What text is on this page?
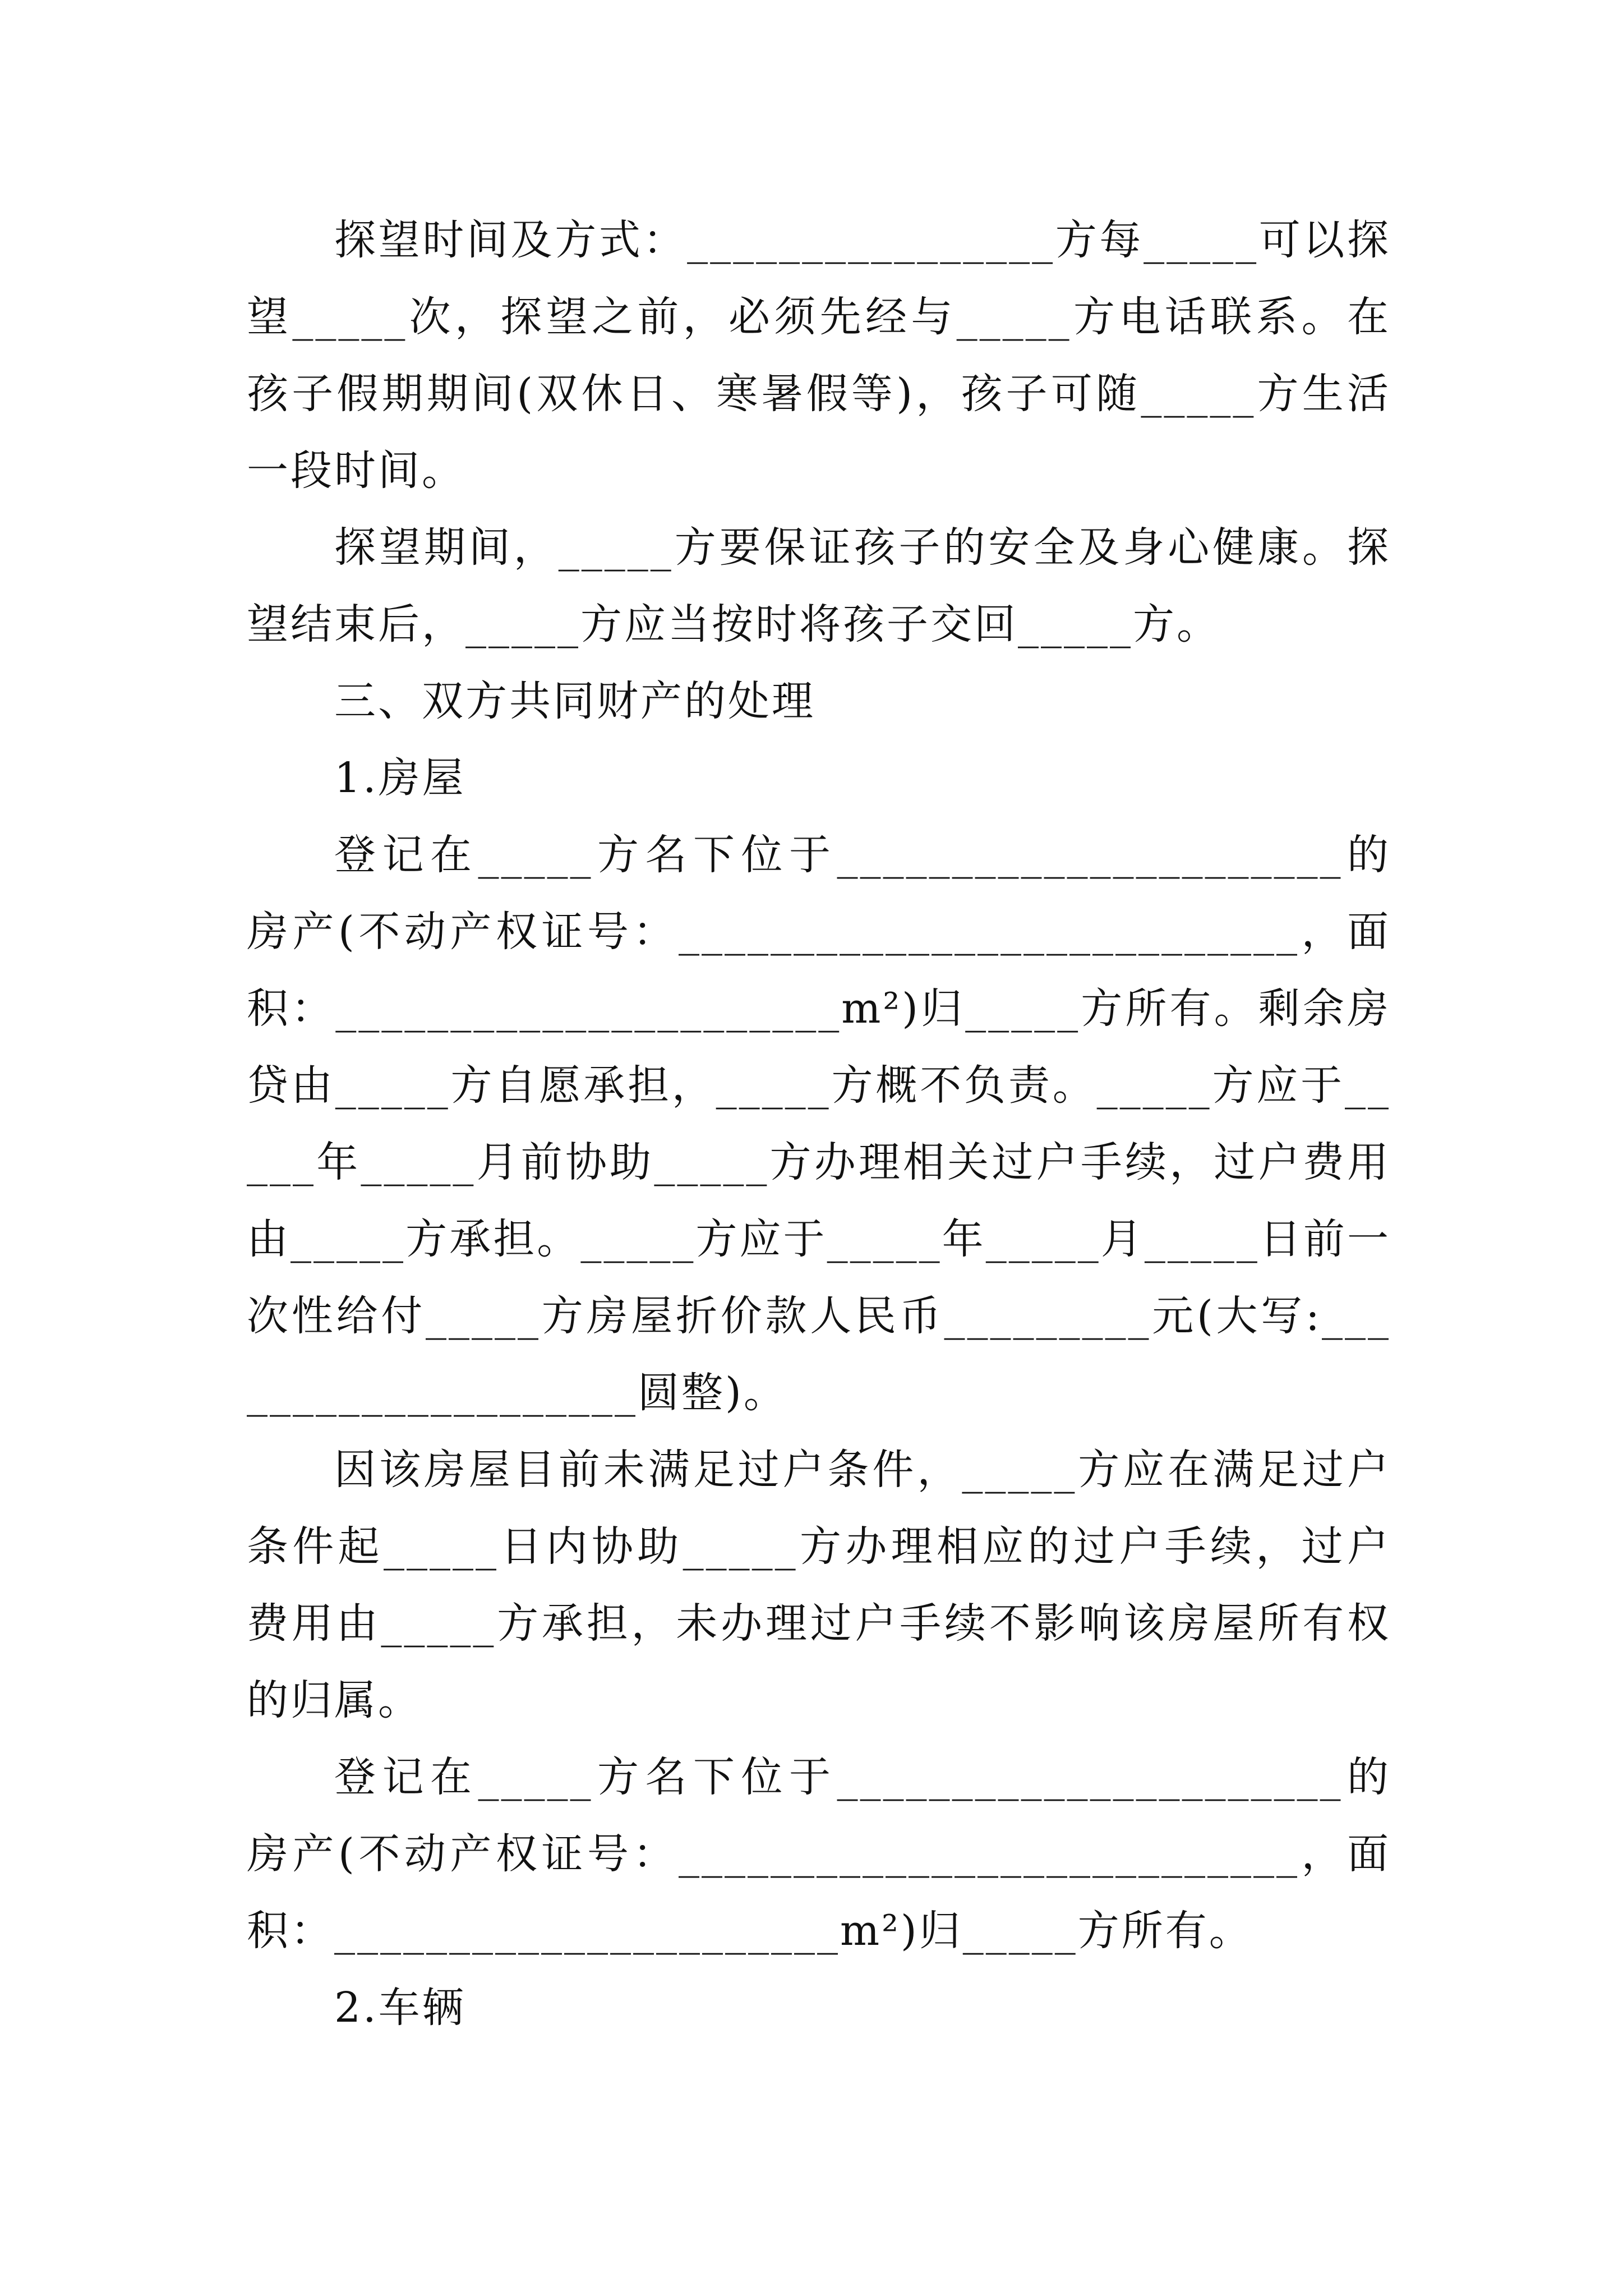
探望时间及方式：________________方每_____可以探望_____次，探望之前，必须先经与_____方电话联系。在孩子假期期间(双休日、寒暑假等)，孩子可随_____方生活一段时间。

探望期间，_____方要保证孩子的安全及身心健康。探望结束后，_____方应当按时将孩子交回_____方。

三、双方共同财产的处理

1.房屋

登记在_____方名下位于______________________的房产(不动产权证号：___________________________，面积：______________________m²)归_____方所有。剩余房贷由_____方自愿承担，_____方概不负责。_____方应于_____年_____月前协助_____方办理相关过户手续，过户费用由_____方承担。_____方应于_____年_____月_____日前一次性给付_____方房屋折价款人民币_________元(大写:____________________圆整)。

因该房屋目前未满足过户条件，_____方应在满足过户条件起_____日内协助_____方办理相应的过户手续，过户费用由_____方承担，未办理过户手续不影响该房屋所有权的归属。

登记在_____方名下位于______________________的房产(不动产权证号：___________________________，面积：______________________m²)归_____方所有。

2.车辆
